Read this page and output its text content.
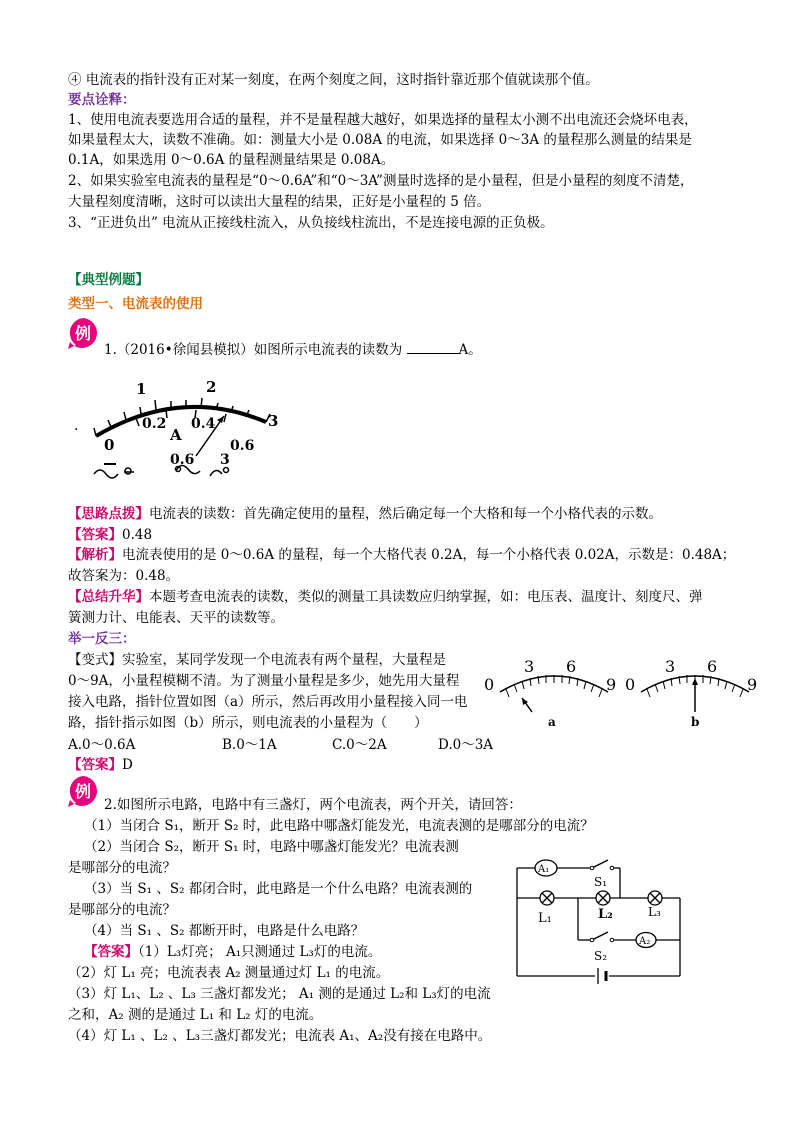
④ 电流表的指针没有正对某一刻度，在两个刻度之间，这时指针靠近那个值就读那个值。
要点诠释：
1、使用电流表要选用合适的量程，并不是量程越大越好，如果选择的量程太小测不出电流还会烧坏电表，
如果量程太大，读数不准确。如：测量大小是 0.08A 的电流，如果选择 0～3A 的量程那么测量的结果是
0.1A，如果选用 0～0.6A 的量程测量结果是 0.08A。
2、如果实验室电流表的量程是“0～0.6A”和“0～3A”测量时选择的是小量程，但是小量程的刻度不清楚，
大量程刻度清晰，这时可以读出大量程的结果，正好是小量程的 5 倍。
3、“正进负出” 电流从正接线柱流入，从负接线柱流出，不是连接电源的正负极。
【典型例题】
类型一、电流表的使用
例
1.（2016•徐闻县模拟）如图所示电流表的读数为	A。
.
0
1	2
3
0.2 0.4
0.6
A
0.6 3
【思路点拨】电流表的读数：首先确定使用的量程，然后确定每一个大格和每一个小格代表的示数。
【答案】0.48
【解析】电流表使用的是 0～0.6A 的量程，每一个大格代表 0.2A，每一个小格代表 0.02A，示数是：0.48A；
故答案为：0.48。
【总结升华】本题考查电流表的读数，类似的测量工具读数应归纳掌握，如：电压表、温度计、刻度尺、弹
簧测力计、电能表、天平的读数等。
举一反三：
【变式】实验室，某同学发现一个电流表有两个量程，大量程是
0～9A，小量程模糊不清。为了测量小量程是多少，她先用大量程
接入电路，指针位置如图（a）所示，然后再改用小量程接入同一电
路，指针指示如图（b）所示，则电流表的小量程为（　　）
A.0～0.6A	B.0～1A	C.0～2A	D.0～3A
【答案】D
0
3 6
9
a
0
3 6
9
b
例
2.如图所示电路，电路中有三盏灯，两个电流表，两个开关，请回答：
（1）当闭合 S₁，断开 S₂ 时，此电路中哪盏灯能发光，电流表测的是哪部分的电流？
（2）当闭合 S₂，断开 S₁ 时，电路中哪盏灯能发光？电流表测
是哪部分的电流？
（3）当 S₁ 、S₂ 都闭合时，此电路是一个什么电路？电流表测的
是哪部分的电流？
（4）当 S₁ 、S₂ 都断开时，电路是什么电路？
【答案】（1）L₃灯亮； A₁只测通过 L₃灯的电流。
（2）灯 L₁ 亮；电流表表 A₂ 测量通过灯 L₁ 的电流。
（3）灯 L₁、L₂ 、L₃ 三盏灯都发光； A₁ 测的是通过 L₂和 L₃灯的电流
之和，A₂ 测的是通过 L₁ 和 L₂ 灯的电流。
（4）灯 L₁ 、L₂ 、L₃三盏灯都发光；电流表 A₁、A₂没有接在电路中。
A₁
S₁
L₁	L₂	L₃
S₂
A₂
